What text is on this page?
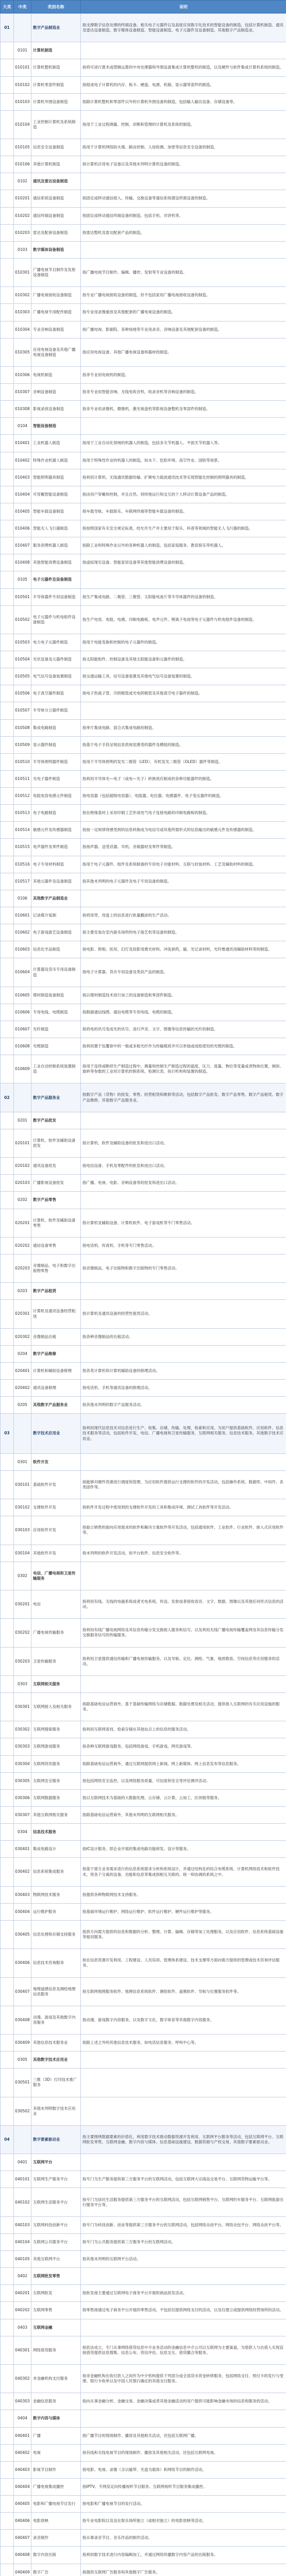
大类	中类	类别名称	说明
01		数字产品制造业	指支撑数字信息处理的终端设备、相关电子元器件以及高度应用数字化技术的智能设备的制造，包括计算机制造、通讯及雷达设备制造、数字媒体设备制造、智能设备制造、电子元器件及设备制造、其他数字产品制造业。
	0101	计算机制造	
	010101	计算机整机制造	指将可进行算术或逻辑运算的中央处理器和外围设备集成计算机整机的制造，以及硬件与软件集成计算机系统的制造。
	010102	计算机零部件制造	指组成电子计算机的内存、板卡、硬盘、电源、机箱、显示器等部件的制造。
	010103	计算机外围设备制造	指除计算机整机和零部件以外的计算机外围设备的制造，包括输入输出设备、存储设备等。
	010104	工业控制计算机及系统制造	指用于工业过程测量、控制、诊断和管理的计算机及系统的制造。
	010105	信息安全设备制造	指用于计算机网络防火墙、路由控制、入侵检测、加密等信息安全设备的制造。
	010106	其他计算机制造	指计算机应用电子设备以及其他未列明计算机设备的制造。
	0102	通讯及雷达设备制造	
	010201	通信系统设备制造	指固定或移动通信接入、传输、交换设备等通信系统建设所需设备的制造。
	010202	通信终端设备制造	指固定或移动通信终端设备的制造，包括手机、对讲机等。
	010203	雷达及配套设备制造	指雷达整机及雷达配套产品的制造。
	0103	数字媒体设备制造	
	010301	广播电视节目制作及发射设备制造	指广播电视节目制作、编辑、播控、发射等专业设备的制造。
	010302	广播电视接收设备制造	指专业广播电视接收设备的制造，但不包括家用广播电视接收设备的制造。
	010303	广播电视专用配件制造	指专业用录像重放及其他配套的广播电视设备的制造。
	010304	专业音响设备制造	指广播电视、影剧院、各种场地等专业用录音、音响设备及其他配套设备的制造。
	010305	应用电视设备及其他广播电视设备制造	指应用电视设备、其他广播电视设备和器材的制造。
	010306	电视机制造	指非专业用电视机的制造。
	010307	音响设备制造	指非专业用智能音响、无线电收音机、收录音机等音响设备的制造。
	010308	影视录放设备制造	指非专业用录像机、摄像机、激光视盘机等影视设备整机及零部件的制造。
	0104	智能设备制造	
	010401	工业机器人制造	指用于工业自动化领域的机器人的制造，包括多关节机器人、平面关节机器人等。
	010402	特殊作业机器人制造	指用于特殊性作业的机器人的制造，如水下、危险环境、高空作业、国防等场景。
	010403	智能照明器具制造	指利用计算机、无线通讯数据传输、扩频电力载波通讯技术等实现智能化控制的照明器具的制造。
	010404	可穿戴智能设备制造	指由用户穿戴和控制，并且自然、持续地运行和交互的个人移动计算设备产品的制造。
	010405	智能车载设备制造	指车载导航、车载娱乐、车联网终端等智能车载设备的制造。
	010406	智能无人飞行器制造	指按照国家有关安全规定标准，经允许生产并主要用于娱乐、科普等领域的智能无人飞行器的制造。
	010407	服务消费机器人制造	指除工业和特殊作业以外的各种机器人的制造，包括家庭服务、教育娱乐等机器人。
	010408	其他智能消费设备制造	指虚拟现实设备、智能家居设备等其他智能消费设备的制造。
	0105	电子元器件及设备制造	
	010501	半导体器件专用设备制造	指生产集成电路、二极管、三极管、太阳能电池片等半导体器件的设备的制造。
	010502	电子元器件与机电组件设备制造	指生产电容、电阻、电感、印制电路板、电声元件、锂离子电池等电子元器件与机电组件设备的制造。
	010503	电力电子元器件制造	指用于电能变换和控制的电子元器件的制造。
	010504	光伏设备及元器件制造	指太阳能组件、控制设备及其他太阳能设备和元器件的制造。
	010505	电气信号设备装置制造	指交通运输工具、信号设备装置及其他电气信号设备装置的制造。
	010506	电子真空器件制造	指电子热离子管、冷阴极管或光电阴极管及其他真空电子器件的制造。
	010507	半导体分立器件制造	
	010508	集成电路制造	指单片集成电路、混合式集成电路的制造。
	010509	显示器件制造	指基于电子手段呈现信息供视觉感受的器件及模组的制造。
	010510	半导体照明器件制造	指用于半导体照明的发光二极管（LED）、有机发光二极管（OLED）器件等制造。
	010511	光电子器件制造	指利用半导体光—电子（或电—光子）转换效应制成的各种功能器件的制造。
	010512	电阻电容电感元件制造	指电容器（包括超级电容器）、电阻器、电位器、电感器件、电子变压器件的制造。
	010513	电子电路制造	指在绝缘基材上采用印制工艺形成电气电子连接电路的印制电路板的制造。
	010514	敏感元件及传感器制造	指按一定规律将感受到的信息转换成为电信号或其他所需形式的信息输出的敏感元件及传感器的制造。
	010515	电声器件及零件制造	指扬声器、送受话器、耳机、音箱器材及零件等制造。
	010516	电子专用材料制造	指用于电子元器件、组件及系统制备的专用电子功能材料、互联与封装材料、工艺及辅助材料的制造。
	010517	其他元器件及设备制造	指其他未列明的电子元器件及电子专用设备的制造。
	0106	其他数字产品制造业	
	010601	记录媒介复制	指将母带、母盘上的信息进行批量翻录的生产活动。
	010602	电子游戏游艺设备制造	指主要安装在室内游乐场所的电子游艺机等设备的制造。
	010603	信息化学品制造	指电影、照相、医用、幻灯及投影用感光材料、冲洗套药，磁、光记录材料，光纤维通讯用辅助材料等的制造。
	010604	计算器及货币专用设备制造	指电子计算器、货币专用设备及类似产品的制造。
	010605	增材制造装备制造	指以增材制造技术进行加工的设备制造和零部件制造。
	010606	专用电线、电缆制造	指数据通信线缆、通信电缆等专用电线、电缆的制造。
	010607	光纤制造	指将电的讯号变成光的讯号，进行声音、文字、图像等信息传输的光纤的制造。
	010608	光缆制造	指利用置于包覆套中的一根或多根光纤作为传输媒质并可以单独或成组使用的光缆的制造。
	010609	工业自动控制系统装置制造	指用于连续或断续生产制造过程中，测量和控制生产制造过程的温度、压力、流量、物位等变量或者物体位置、倾斜、旋转等参数的工业用计算机控制系统、检测仪表、执行机构和装置的制造。
02		数字产品服务业	指数字产品（货物）的批发、零售、经营租赁和维修等活动，包括数字产品批发、数字产品零售、数字产品租赁、数字产品维修、其他数字产品服务业。
	0201	数字产品批发	
	020101	计算机、软件及辅助设备批发	指计算机、软件及辅助设备的批发和进出口活动。
	020102	通讯设备批发	指电信设备、手机及零配件的批发和进出口活动。
	020103	广播影视设备批发	指广播、电视、电影、音响设备等的批发和进出口活动。
	0202	数字产品零售	
	020201	计算机、软件及辅助设备零售	指计算机及辅助设备、计算机软件、电子游戏机等专门零售活动。
	020202	通信设备零售	指电话机、传真机、手机等专门零售活动。
	020203	音像制品、电子和数字出版物零售	指音像制品、电子出版物和数字出版物的专门零售活动。
	0203	数字产品租赁	
	020301	计算机及通讯设备经营租赁	指计算机及通讯设备的经营性租赁活动。
	020302	音像制品出租	指各种音像制品的出租活动。
	0204	数字产品维修	
	020401	计算机和辅助设备修理	指各类计算机和计算机辅助设备的修理活动。
	020402	通讯设备修理	指电话机、手机等通讯设备的修理活动。
	0205	其他数字产品服务业	指其他未列明的数字产品服务活动。
03		数字技术应用业	指利用现代信息技术对信息进行生产、收集、存储、传输、处理、检索和应用，为用户提供基础软件、应用软件、信息技术服务等活动，包括软件开发，电信、广播电视和卫星传输服务，互联网相关服务，信息技术服务，其他数字技术应用业。
	0301	软件开发	
	030101	基础软件开发	指能够对硬件资源进行调度和管理、为应用软件提供运行支撑的软件的开发活动，包括操作系统、数据库、中间件、各类固件等。
	030102	支撑软件开发	指软件开发过程中使用到的支撑软件开发的工具和集成环境、测试工具软件等开发活动。
	030103	应用软件开发	指独立销售的面向应用需求的软件和解决方案软件等开发活动，包括通用软件、工业软件、行业软件、嵌入式应用软件等。
	030104	其他软件开发	指未列明的软件开发活动，如平台软件、信息安全软件等。
	0302	电信、广播电视和卫星传输服务	
	030201	电信	指利用有线、无线的电磁系统或者光电系统，传送、发射或者接收语音、文字、数据、图像以及其他任何形式信息的活动。
	030202	广播电视传输服务	指利用有线广播电视网络及其信息传输分发交换接入服务和信号，以及利用无线广播电视传输覆盖网及其信息传输分发交换服务信号的传输服务。
	030203	卫星传输服务	指利用卫星提供通信传输和广播电视传输服务，以及导航、定位、测绘、气象、地质勘查、空间信息等应用服务的活动。
	0303	互联网相关服务	
	030301	互联网接入及相关服务	指除基础电信运营商外，基于基础传输网络为存储数据、数据处理及相关活动，提供接入互联网的有关应用设施的服务。
	030302	互联网搜索服务	指利用互联网查找、检索存储在其他站点上的信息的服务活动。
	030303	互联网游戏服务	指各种互联网游戏服务，包括网络游戏、手机游戏、网页游戏等。
	030304	互联网资讯服务	指除基础电信运营商外，通过互联网提供网上新闻、网上新媒体、网上信息发布等信息服务。
	030305	互联网安全服务	指包括网络安全监控，以及网络服务质量、可信度和安全等评估测评活动。
	030306	互联网数据服务	指以互联网技术为基础的大数据处理、云存储、云计算、云加工、区块链等服务。
	030307	其他互联网相关服务	指除基础电信运营商外，其他未列明的互联网相关服务。
	0304	信息技术服务	
	030401	集成电路设计	指IC设计服务，即企业开展的集成电路功能研发、设计等服务。
	030402	信息系统集成服务	指基于需方业务需求进行的信息系统需求分析和系统设计，并通过结构化的综合布缆系统、计算机网络技术和软件技术，将各个分离的设备、功能和信息等集成到相互关联的、统一和协调的系统之中。
	030403	物联网技术服务	指提供各种物联网技术支持服务。
	030404	运行维护服务	指基础环境运行维护、网络运行维护、软件运行维护、硬件运行维护等服务。
	030405	信息处理和存储支持服务	指供方向需方提供的信息和数据的分析、整理、计算、编辑、存储等加工处理服务，以及应用软件、信息系统基础设施等租用服务。
	030406	信息技术咨询服务	指在信息资源开发利用、工程建设、人员培训、管理体系建设、技术支撑等方面向需方提供的管理或技术咨询评估服务。
	030407	地理遥感信息及测绘地理信息服务	指互联网地图服务软件、地理信息系统软件、测绘软件、遥感软件、导航与位置服务软件等。
	030408	动漫、游戏及其他数字内容服务	指动漫、游戏数字内容服务，以及数字文化、数字体育等其他数字内容服务。
	030409	其他信息技术服务业	指除上述之外的其他信息技术服务，如电话信息服务、呼叫中心等。
	0305	其他数字技术应用业	
	030501	三维（3D）打印技术推广服务	
	030502	其他未列明数字技术应用业	
04		数字要素驱动业	指主要围绕数据要素的价值化，利用数字技术推动数据资源开发利用、互联网平台服务等活动，包括互联网平台、互联网批发零售、互联网金融、数字内容与媒体、信息基础设施建设、数据资源与产权交易、其他数字要素驱动业。
	0401	互联网平台	
	040101	互联网生产服务平台	指专门为生产服务提供第三方服务平台的互联网活动，包括互联网大宗商品交易平台、互联网货物运输平台等。
	040102	互联网生活服务平台	指专门为居民生活服务提供第三方服务平台的互联网活动，包括互联网销售平台、互联网约车服务平台、互联网旅游出行服务平台等。
	040103	互联网科技创新平台	指专门为科技创新、创业等提供第三方服务平台的互联网活动，包括网络众创平台、网络众包平台、网络众扶平台等。
	040104	互联网公共服务平台	指专门为公共服务提供第三方服务平台的互联网活动。
	040105	其他互联网平台	指其他未列明的互联网平台活动。
	0402	互联网批发零售	
	040201	互联网批发	指批发商主要通过互联网电子商务平台开展的商品批发活动。
	040202	互联网零售	指零售商通过电子商务平台开展的零售活动，不包括仅提供网络支付的活动，以及仅建立或提供网络经营场所的活动。
	0403	互联网金融	
	040301	网络借贷服务	指依法成立，专门从事网络借贷信息中介业务活动的金融信息中介公司以互联网为主要渠道，为借款人与出借人实现直接借贷提供信息搜集、信息公布、资信评估、信息交互、借贷撮合等服务。
	040302	非金融机构支付服务	指非金融机构在收付款人之间作为中介机构提供下列部分或全部货币资金转移服务，包括网络支付、预付卡的发行与受理、银行卡收单以及中国人民银行确定的其他支付服务。
	040303	金融信息服务	指向从事金融分析、金融交易、金融决策或者其他金融活动的用户提供可能影响金融市场的信息和服务的活动。
	0404	数字内容与媒体	
	040401	广播	指广播节目的现场制作、播放及其他相关活动，还包括互联网广播。
	040402	电视	指有线和无线电视节目的现场制作、播放及其他相关活动，还包括互联网电视。
	040403	影视节目制作	指电影、电视、录像（含以磁带、光盘为载体）和网络节目的制作活动。
	040404	广播电视集成播控	指IPTV、专网及定向传播视听节目服务、互联网视听节目服务集成播控。
	040405	电影和广播电视节目发行	指电影和广播电视节目的发行活动。
	040406	电影放映	指专业电影院以及设在娱乐场所独立（或相对独立）的电影放映等活动。
	040407	录音制作	指从事录音节目、音乐作品的制作活动。
	040408	数字内容出版	指利用数字技术进行内容编辑加工，并通过网络传播数字内容产品的出版服务。
	040409	数字广告	指提供互联网广告服务和其他数字广告服务。
